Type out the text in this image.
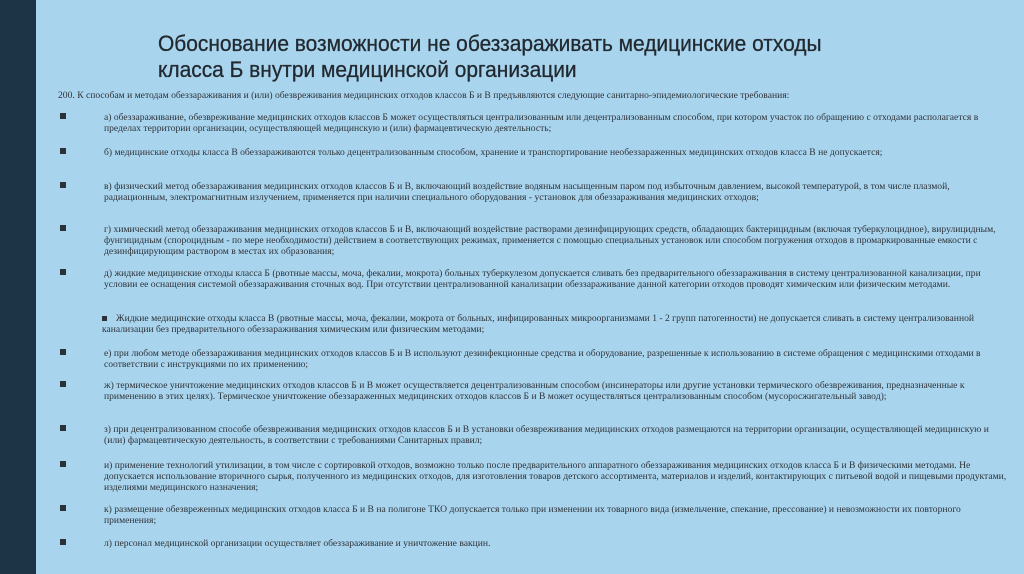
Обоснование возможности не обеззараживать медицинские отходы класса Б внутри медицинской организации
200. К способам и методам обеззараживания и (или) обезвреживания медицинских отходов классов Б и В предъявляются следующие санитарно-эпидемиологические требования:
а) обеззараживание, обезвреживание медицинских отходов классов Б может осуществляться централизованным или децентрализованным способом, при котором участок по обращению с отходами располагается в пределах территории организации, осуществляющей медицинскую и (или) фармацевтическую деятельность;
б) медицинские отходы класса В обеззараживаются только децентрализованным способом, хранение и транспортирование необеззараженных медицинских отходов класса В не допускается;
в) физический метод обеззараживания медицинских отходов классов Б и В, включающий воздействие водяным насыщенным паром под избыточным давлением, высокой температурой, в том числе плазмой, радиационным, электромагнитным излучением, применяется при наличии специального оборудования - установок для обеззараживания медицинских отходов;
г) химический метод обеззараживания медицинских отходов классов Б и В, включающий воздействие растворами дезинфицирующих средств, обладающих бактерицидным (включая туберкулоцидное), вирулицидным, фунгицидным (спороцидным - по мере необходимости) действием в соответствующих режимах, применяется с помощью специальных установок или способом погружения отходов в промаркированные емкости с дезинфицирующим раствором в местах их образования;
д) жидкие медицинские отходы класса Б (рвотные массы, моча, фекалии, мокрота) больных туберкулезом допускается сливать без предварительного обеззараживания в систему централизованной канализации, при условии ее оснащения системой обеззараживания сточных вод. При отсутствии централизованной канализации обеззараживание данной категории отходов проводят химическим или физическим методами.
Жидкие медицинские отходы класса В (рвотные массы, моча, фекалии, мокрота от больных, инфицированных микроорганизмами 1 - 2 групп патогенности) не допускается сливать в систему централизованной канализации без предварительного обеззараживания химическим или физическим методами;
е) при любом методе обеззараживания медицинских отходов классов Б и В используют дезинфекционные средства и оборудование, разрешенные к использованию в системе обращения с медицинскими отходами в соответствии с инструкциями по их применению;
ж) термическое уничтожение медицинских отходов классов Б и В может осуществляется децентрализованным способом (инсинераторы или другие установки термического обезвреживания, предназначенные к применению в этих целях). Термическое уничтожение обеззараженных медицинских отходов классов Б и В может осуществляться централизованным способом (мусоросжигательный завод);
з) при децентрализованном способе обезвреживания медицинских отходов классов Б и В установки обезвреживания медицинских отходов размещаются на территории организации, осуществляющей медицинскую и (или) фармацевтическую деятельность, в соответствии с требованиями Санитарных правил;
и) применение технологий утилизации, в том числе с сортировкой отходов, возможно только после предварительного аппаратного обеззараживания медицинских отходов класса Б и В физическими методами. Не допускается использование вторичного сырья, полученного из медицинских отходов, для изготовления товаров детского ассортимента, материалов и изделий, контактирующих с питьевой водой и пищевыми продуктами, изделиями медицинского назначения;
к) размещение обезвреженных медицинских отходов класса Б и В на полигоне ТКО допускается только при изменении их товарного вида (измельчение, спекание, прессование) и невозможности их повторного применения;
л) персонал медицинской организации осуществляет обеззараживание и уничтожение вакцин.
